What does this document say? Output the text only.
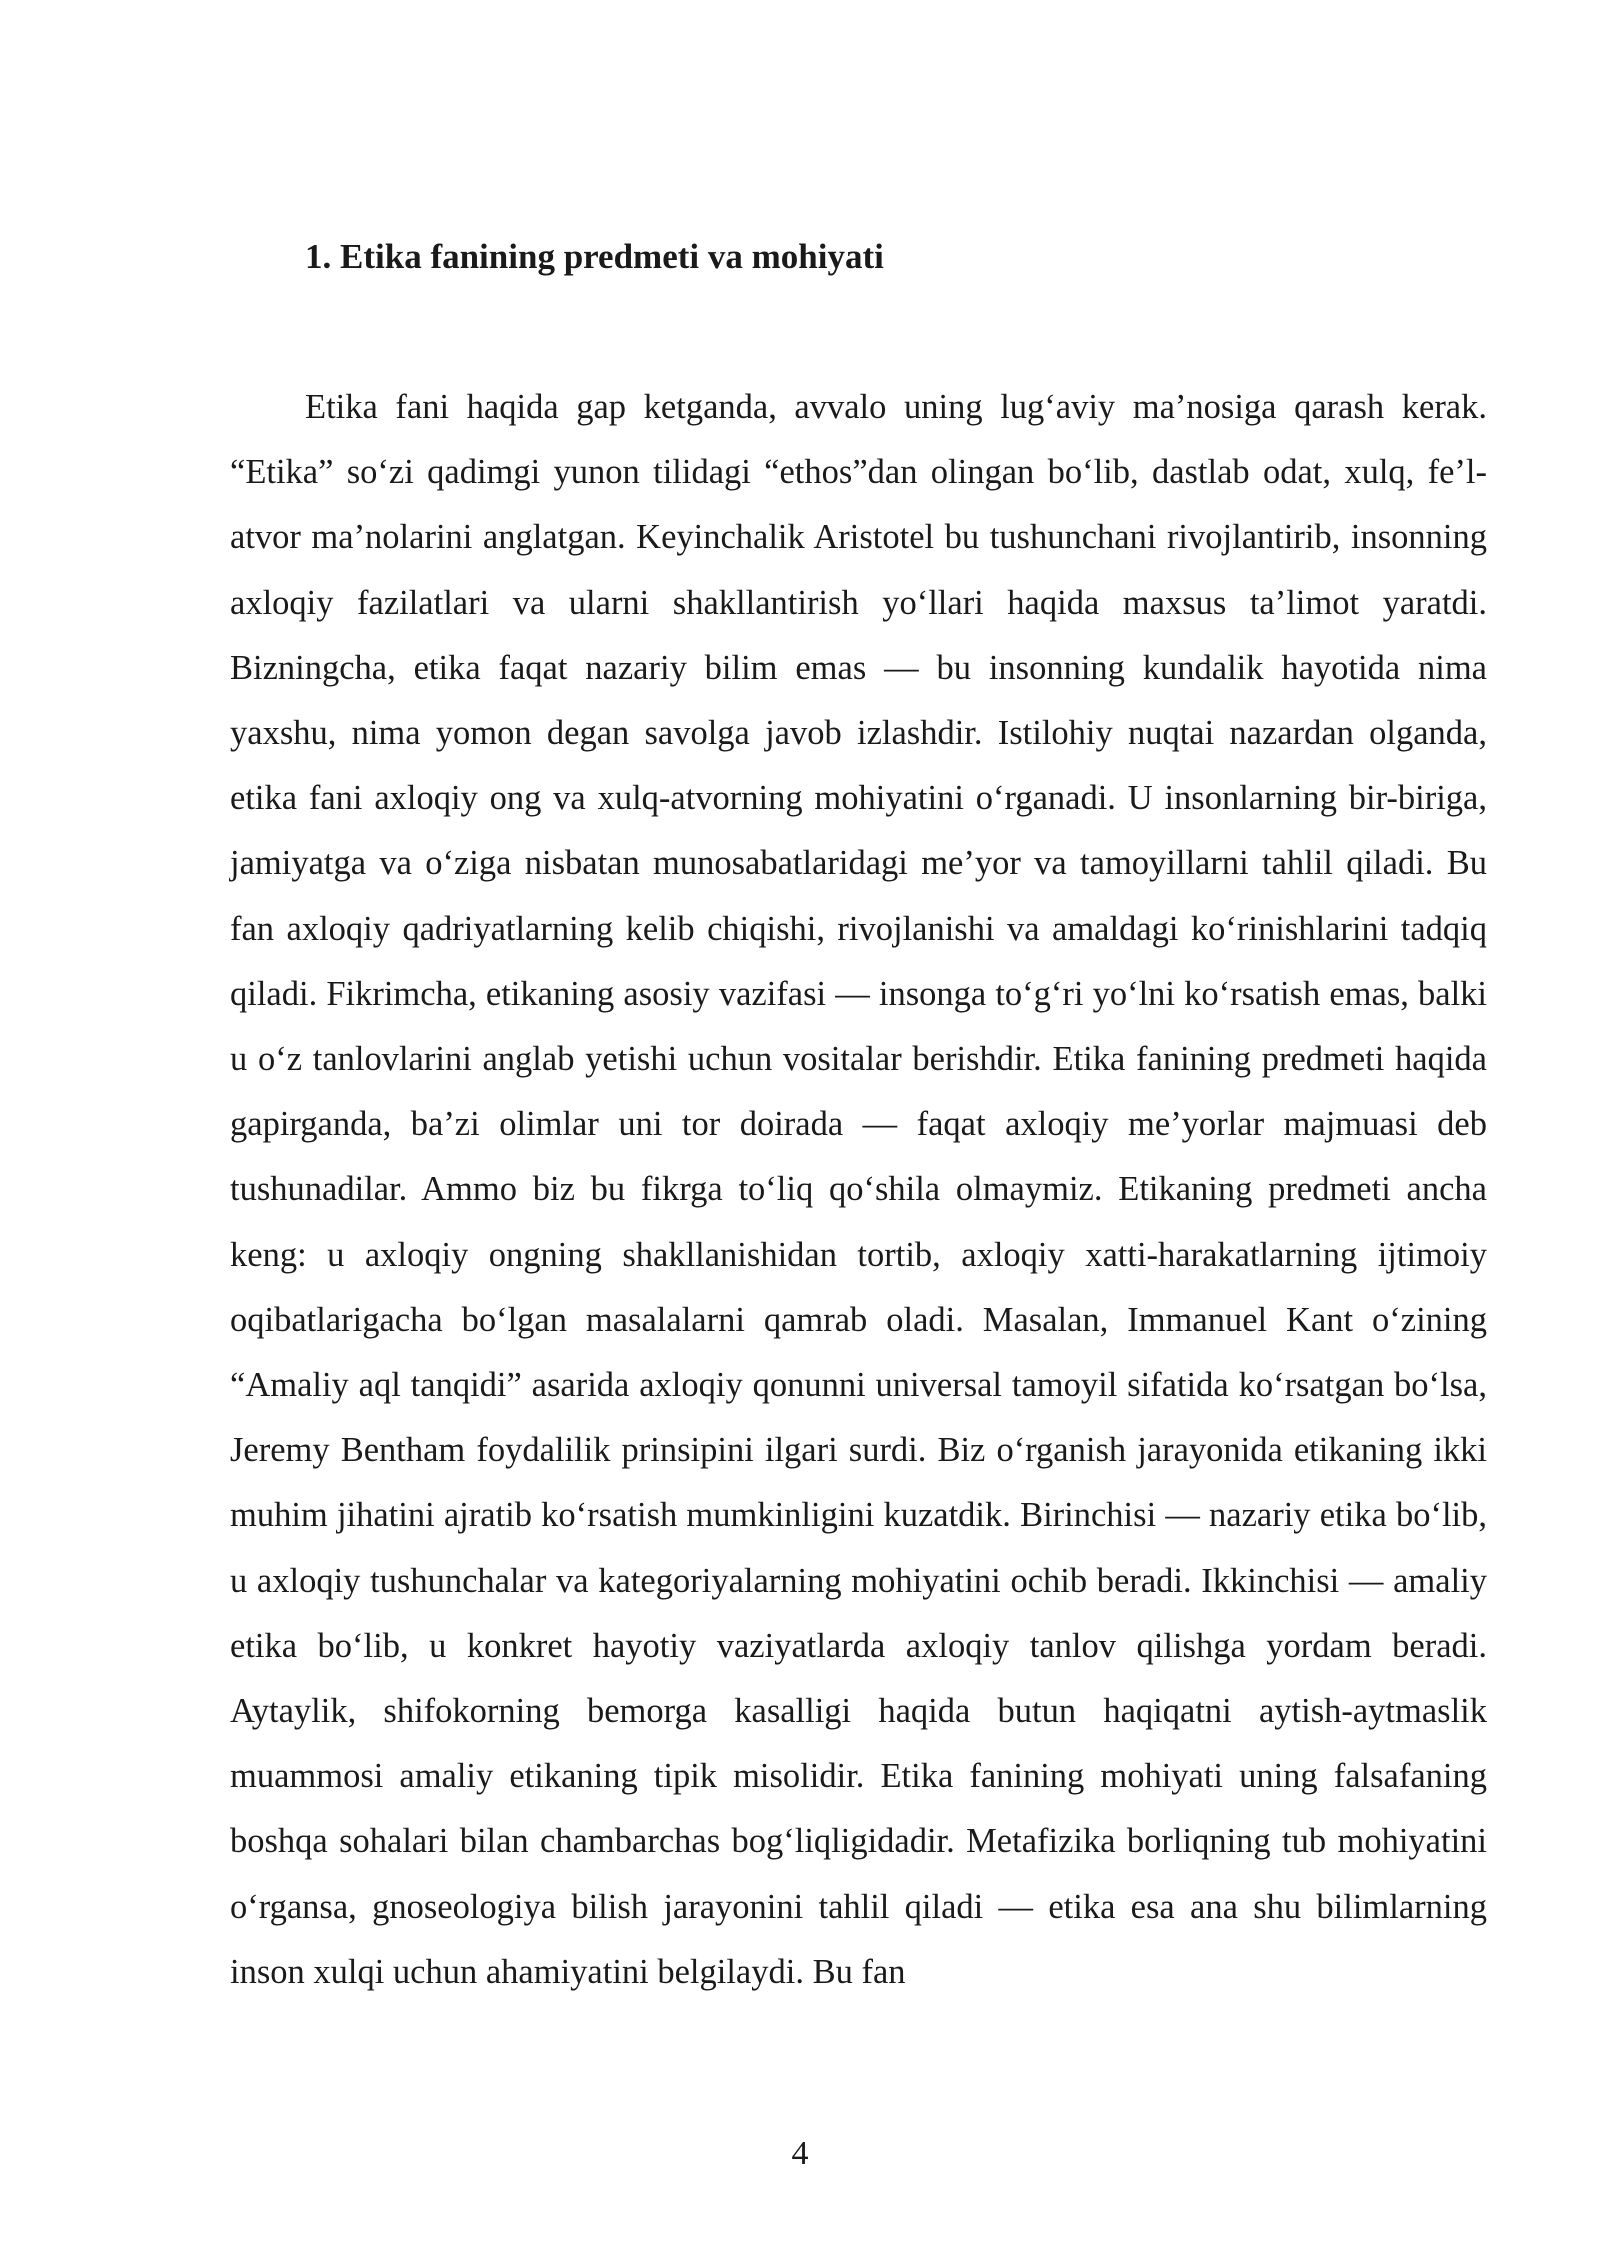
1. Etika fanining predmeti va mohiyati

Etika fani haqida gap ketganda, avvalo uning lug‘aviy ma’nosiga qarash kerak. “Etika” so‘zi qadimgi yunon tilidagi “ethos”dan olingan bo‘lib, dastlab odat, xulq, fe’l-atvor ma’nolarini anglatgan. Keyinchalik Aristotel bu tushunchani rivojlantirib, insonning axloqiy fazilatlari va ularni shakllantirish yo‘llari haqida maxsus ta’limot yaratdi. Bizningcha, etika faqat nazariy bilim emas — bu insonning kundalik hayotida nima yaxshu, nima yomon degan savolga javob izlashdir. Istilohiy nuqtai nazardan olganda, etika fani axloqiy ong va xulq-atvorning mohiyatini o‘rganadi. U insonlarning bir-biriga, jamiyatga va o‘ziga nisbatan munosabatlaridagi me’yor va tamoyillarni tahlil qiladi. Bu fan axloqiy qadriyatlarning kelib chiqishi, rivojlanishi va amaldagi ko‘rinishlarini tadqiq qiladi. Fikrimcha, etikaning asosiy vazifasi — insonga to‘g‘ri yo‘lni ko‘rsatish emas, balki u o‘z tanlovlarini anglab yetishi uchun vositalar berishdir. Etika fanining predmeti haqida gapirganda, ba’zi olimlar uni tor doirada — faqat axloqiy me’yorlar majmuasi deb tushunadilar. Ammo biz bu fikrga to‘liq qo‘shila olmaymiz. Etikaning predmeti ancha keng: u axloqiy ongning shakllanishidan tortib, axloqiy xatti-harakatlarning ijtimoiy oqibatlarigacha bo‘lgan masalalarni qamrab oladi. Masalan, Immanuel Kant o‘zining “Amaliy aql tanqidi” asarida axloqiy qonunni universal tamoyil sifatida ko‘rsatgan bo‘lsa, Jeremy Bentham foydalilik prinsipini ilgari surdi. Biz o‘rganish jarayonida etikaning ikki muhim jihatini ajratib ko‘rsatish mumkinligini kuzatdik. Birinchisi — nazariy etika bo‘lib, u axloqiy tushunchalar va kategoriyalarning mohiyatini ochib beradi. Ikkinchisi — amaliy etika bo‘lib, u konkret hayotiy vaziyatlarda axloqiy tanlov qilishga yordam beradi. Aytaylik, shifokorning bemorga kasalligi haqida butun haqiqatni aytish-aytmaslik muammosi amaliy etikaning tipik misolidir. Etika fanining mohiyati uning falsafaning boshqa sohalari bilan chambarchas bog‘liqligidadir. Metafizika borliqning tub mohiyatini o‘rgansa, gnoseologiya bilish jarayonini tahlil qiladi — etika esa ana shu bilimlarning inson xulqi uchun ahamiyatini belgilaydi. Bu fan

4
